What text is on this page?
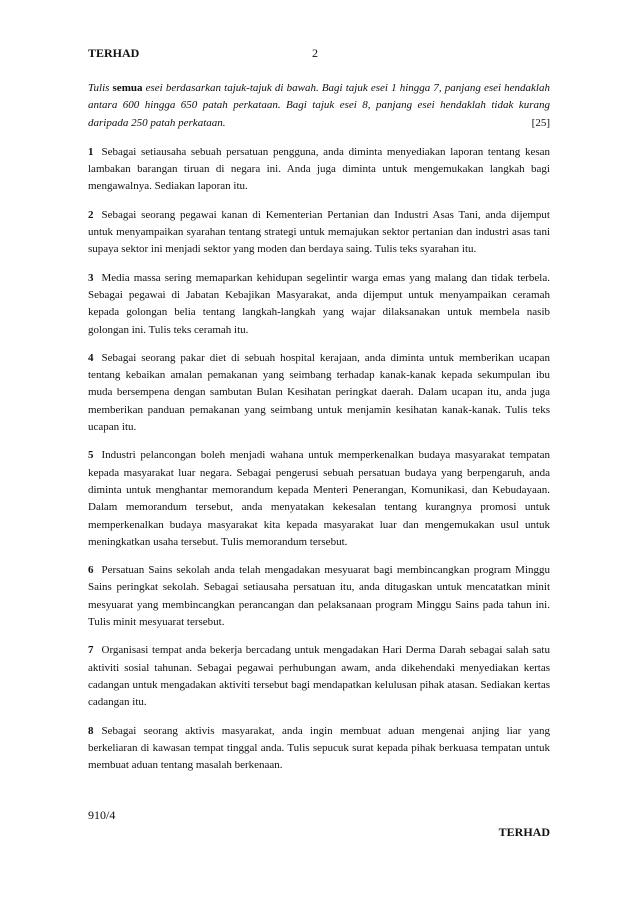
TERHAD	2

Tulis semua esei berdasarkan tajuk-tajuk di bawah. Bagi tajuk esei 1 hingga 7, panjang esei hendaklah antara 600 hingga 650 patah perkataan. Bagi tajuk esei 8, panjang esei hendaklah tidak kurang daripada 250 patah perkataan.	[25]

1 Sebagai setiausaha sebuah persatuan pengguna, anda diminta menyediakan laporan tentang kesan lambakan barangan tiruan di negara ini. Anda juga diminta untuk mengemukakan langkah bagi mengawalnya. Sediakan laporan itu.

2 Sebagai seorang pegawai kanan di Kementerian Pertanian dan Industri Asas Tani, anda dijemput untuk menyampaikan syarahan tentang strategi untuk memajukan sektor pertanian dan industri asas tani supaya sektor ini menjadi sektor yang moden dan berdaya saing. Tulis teks syarahan itu.

3 Media massa sering memaparkan kehidupan segelintir warga emas yang malang dan tidak terbela. Sebagai pegawai di Jabatan Kebajikan Masyarakat, anda dijemput untuk menyampaikan ceramah kepada golongan belia tentang langkah-langkah yang wajar dilaksanakan untuk membela nasib golongan ini. Tulis teks ceramah itu.

4 Sebagai seorang pakar diet di sebuah hospital kerajaan, anda diminta untuk memberikan ucapan tentang kebaikan amalan pemakanan yang seimbang terhadap kanak-kanak kepada sekumpulan ibu muda bersempena dengan sambutan Bulan Kesihatan peringkat daerah. Dalam ucapan itu, anda juga memberikan panduan pemakanan yang seimbang untuk menjamin kesihatan kanak-kanak. Tulis teks ucapan itu.

5 Industri pelancongan boleh menjadi wahana untuk memperkenalkan budaya masyarakat tempatan kepada masyarakat luar negara. Sebagai pengerusi sebuah persatuan budaya yang berpengaruh, anda diminta untuk menghantar memorandum kepada Menteri Penerangan, Komunikasi, dan Kebudayaan. Dalam memorandum tersebut, anda menyatakan kekesalan tentang kurangnya promosi untuk memperkenalkan budaya masyarakat kita kepada masyarakat luar dan mengemukakan usul untuk meningkatkan usaha tersebut. Tulis memorandum tersebut.

6 Persatuan Sains sekolah anda telah mengadakan mesyuarat bagi membincangkan program Minggu Sains peringkat sekolah. Sebagai setiausaha persatuan itu, anda ditugaskan untuk mencatatkan minit mesyuarat yang membincangkan perancangan dan pelaksanaan program Minggu Sains pada tahun ini. Tulis minit mesyuarat tersebut.

7 Organisasi tempat anda bekerja bercadang untuk mengadakan Hari Derma Darah sebagai salah satu aktiviti sosial tahunan. Sebagai pegawai perhubungan awam, anda dikehendaki menyediakan kertas cadangan untuk mengadakan aktiviti tersebut bagi mendapatkan kelulusan pihak atasan. Sediakan kertas cadangan itu.

8 Sebagai seorang aktivis masyarakat, anda ingin membuat aduan mengenai anjing liar yang berkeliaran di kawasan tempat tinggal anda. Tulis sepucuk surat kepada pihak berkuasa tempatan untuk membuat aduan tentang masalah berkenaan.

910/4
TERHAD
